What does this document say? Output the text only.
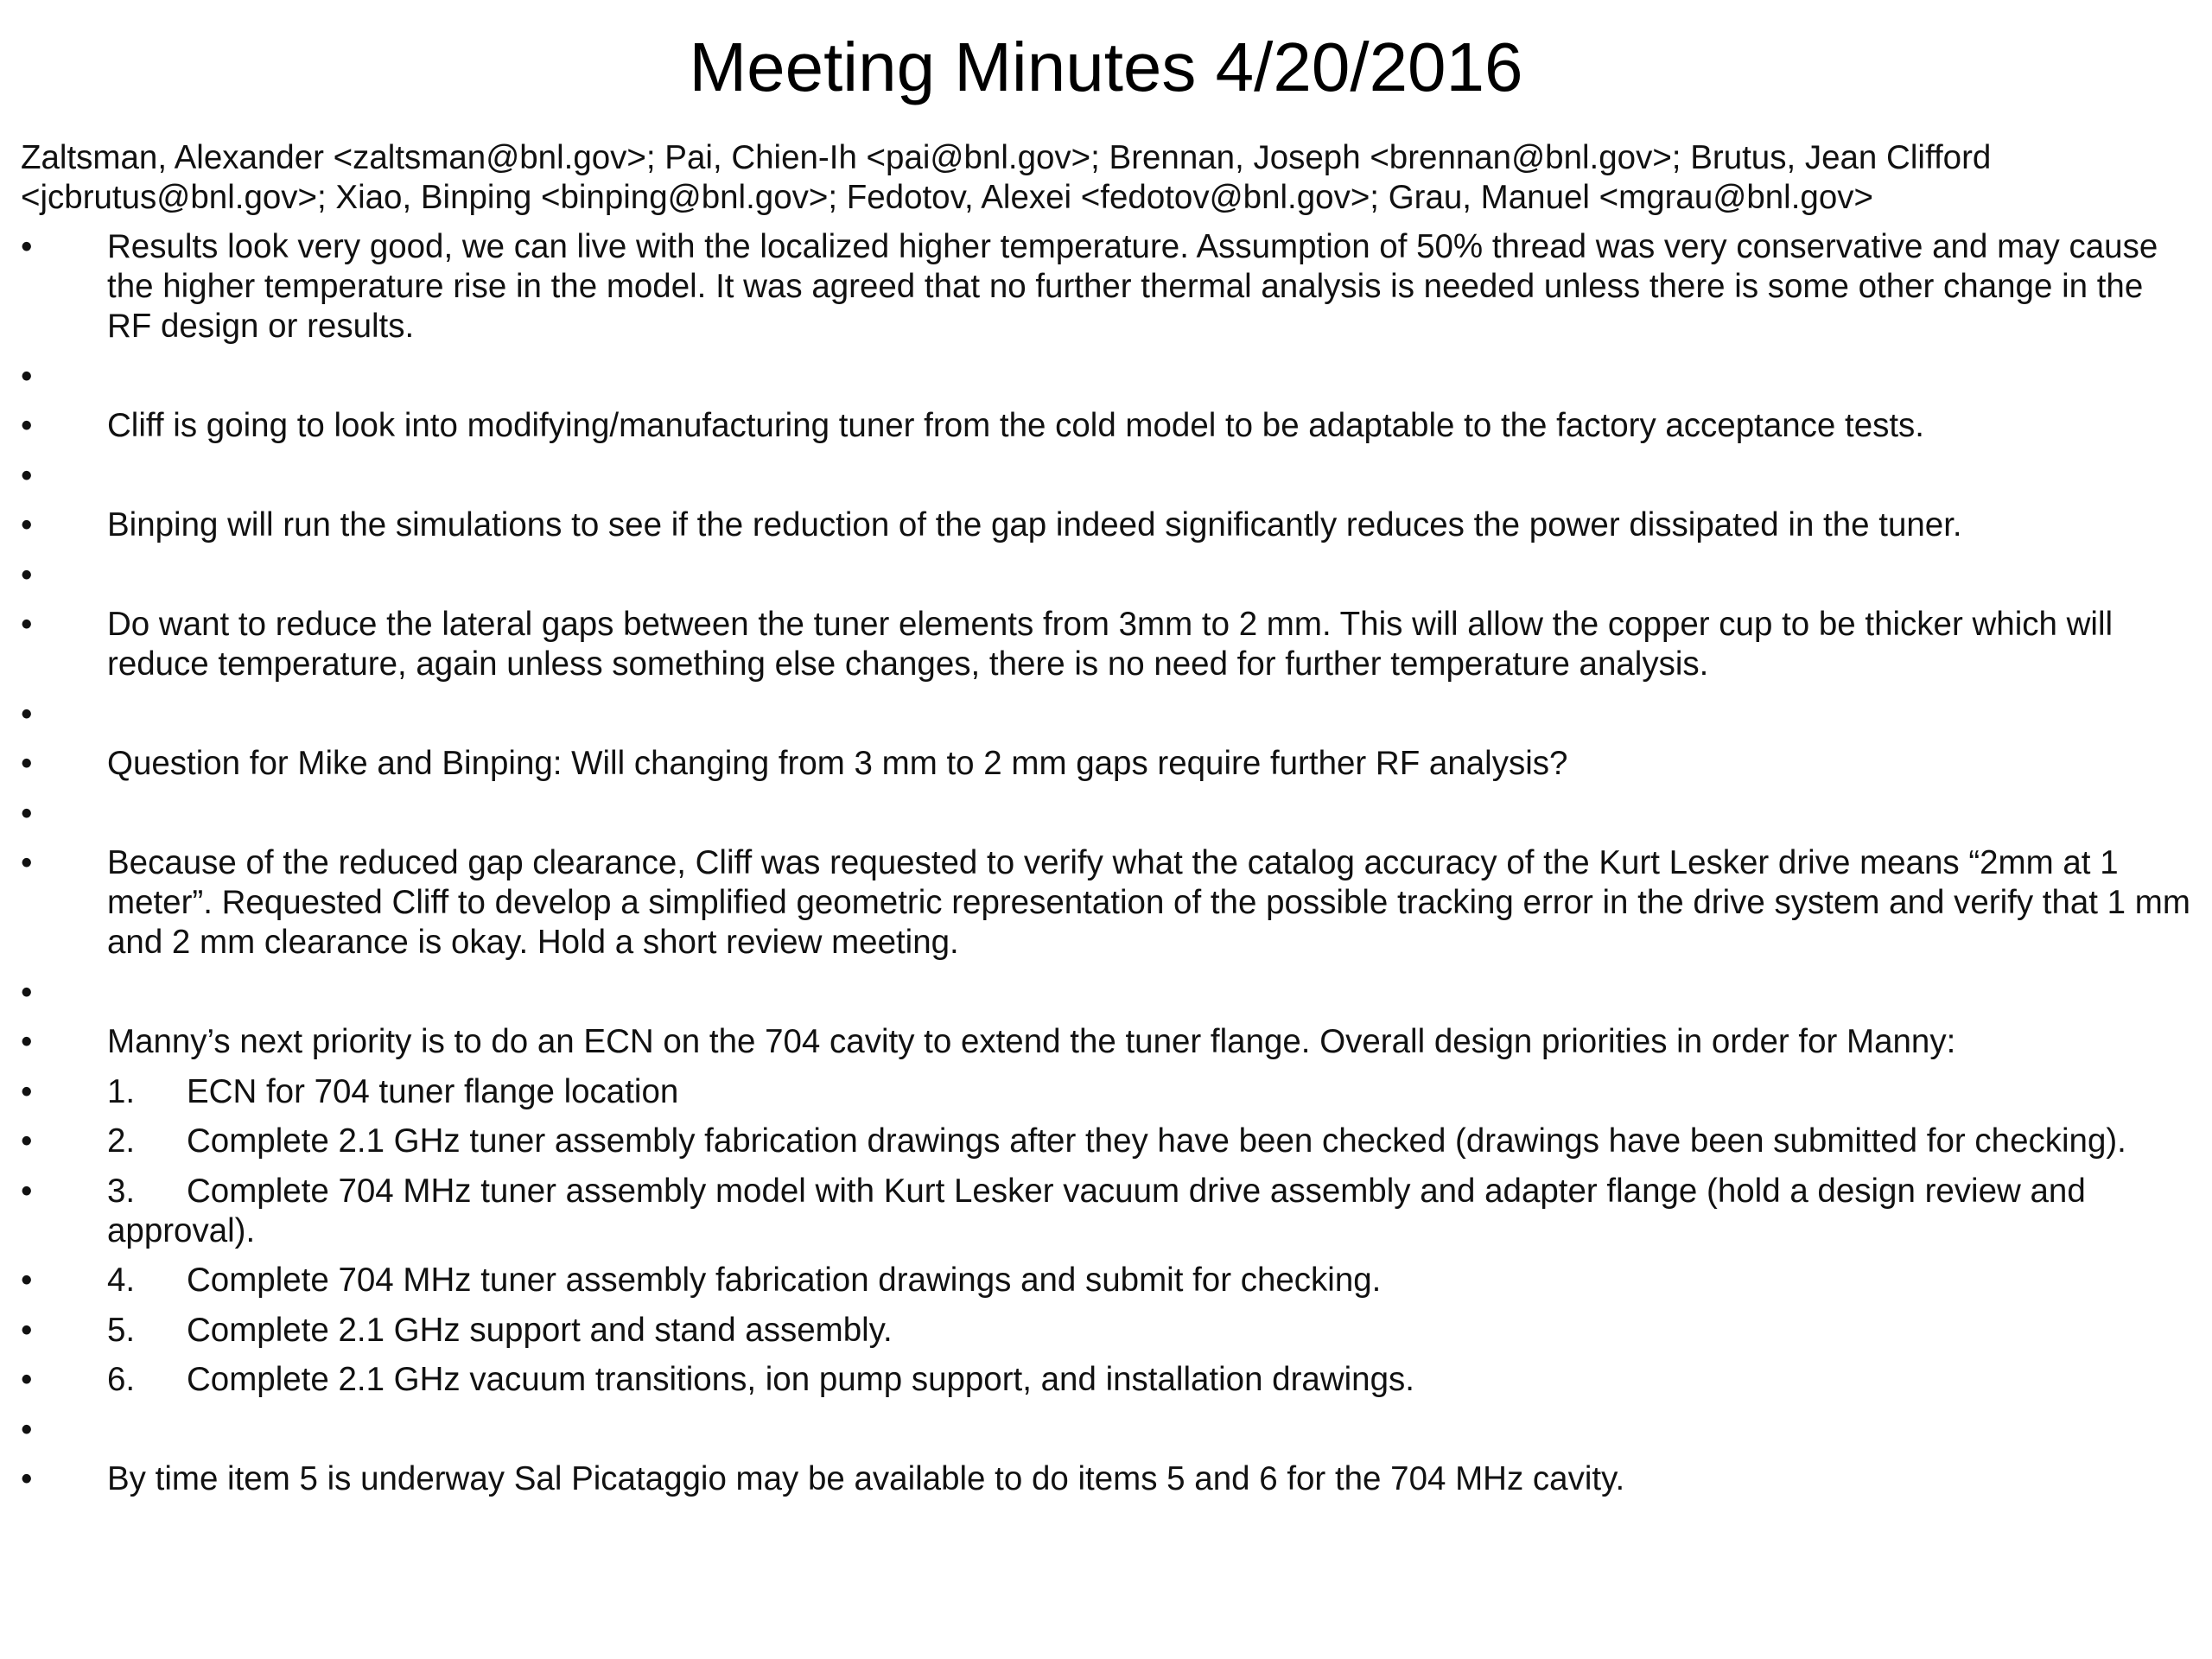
Meeting Minutes 4/20/2016

Zaltsman, Alexander <zaltsman@bnl.gov>; Pai, Chien-Ih <pai@bnl.gov>; Brennan, Joseph <brennan@bnl.gov>; Brutus, Jean Clifford <jcbrutus@bnl.gov>; Xiao, Binping <binping@bnl.gov>; Fedotov, Alexei <fedotov@bnl.gov>; Grau, Manuel <mgrau@bnl.gov>

•	Results look very good, we can live with the localized higher temperature. Assumption of 50% thread was very conservative and may cause the higher temperature rise in the model. It was agreed that no further thermal analysis is needed unless there is some other change in the RF design or results.
•
•	Cliff is going to look into modifying/manufacturing tuner from the cold model to be adaptable to the factory acceptance tests.
•
•	Binping will run the simulations to see if the reduction of the gap indeed significantly reduces the power dissipated in the tuner.
•
•	Do want to reduce the lateral gaps between the tuner elements from 3mm to 2 mm. This will allow the copper cup to be thicker which will reduce temperature, again unless something else changes, there is no need for further temperature analysis.
•
•	Question for Mike and Binping: Will changing from 3 mm to 2 mm gaps require further RF analysis?
•
•	Because of the reduced gap clearance, Cliff was requested to verify what the catalog accuracy of the Kurt Lesker drive means “2mm at 1 meter”. Requested Cliff to develop a simplified geometric representation of the possible tracking error in the drive system and verify that 1 mm and 2 mm clearance is okay. Hold a short review meeting.
•
•	Manny’s next priority is to do an ECN on the 704 cavity to extend the tuner flange. Overall design priorities in order for Manny:
•	1. ECN for 704 tuner flange location
•	2. Complete 2.1 GHz tuner assembly fabrication drawings after they have been checked (drawings have been submitted for checking).
•	3. Complete 704 MHz tuner assembly model with Kurt Lesker vacuum drive assembly and adapter flange (hold a design review and approval).
•	4. Complete 704 MHz tuner assembly fabrication drawings and submit for checking.
•	5. Complete 2.1 GHz support and stand assembly.
•	6. Complete 2.1 GHz vacuum transitions, ion pump support, and installation drawings.
•
•	By time item 5 is underway Sal Picataggio may be available to do items 5 and 6 for the 704 MHz cavity.
